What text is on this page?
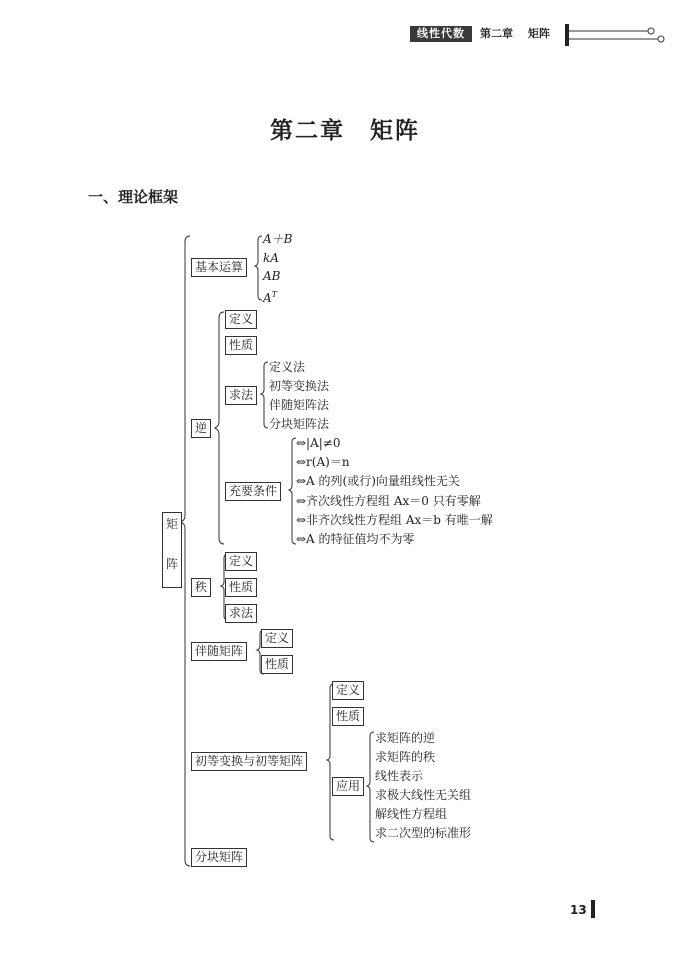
线性代数	第二章 矩阵
第二章　矩阵
一、理论框架
矩
阵
基本运算
A＋B
kA
AB
$A^T$
逆
定义
性质
求法
定义法
初等变换法
伴随矩阵法
分块矩阵法
充要条件
⇔|A|≠0
⇔r(A)＝n
⇔A 的列(或行)向量组线性无关
⇔齐次线性方程组 Ax＝0 只有零解
⇔非齐次线性方程组 Ax＝b 有唯一解
⇔A 的特征值均不为零
秩
定义
性质
求法
伴随矩阵
定义
性质
初等变换与初等矩阵
定义
性质
应用
求矩阵的逆
求矩阵的秩
线性表示
求极大线性无关组
解线性方程组
求二次型的标准形
分块矩阵
13
